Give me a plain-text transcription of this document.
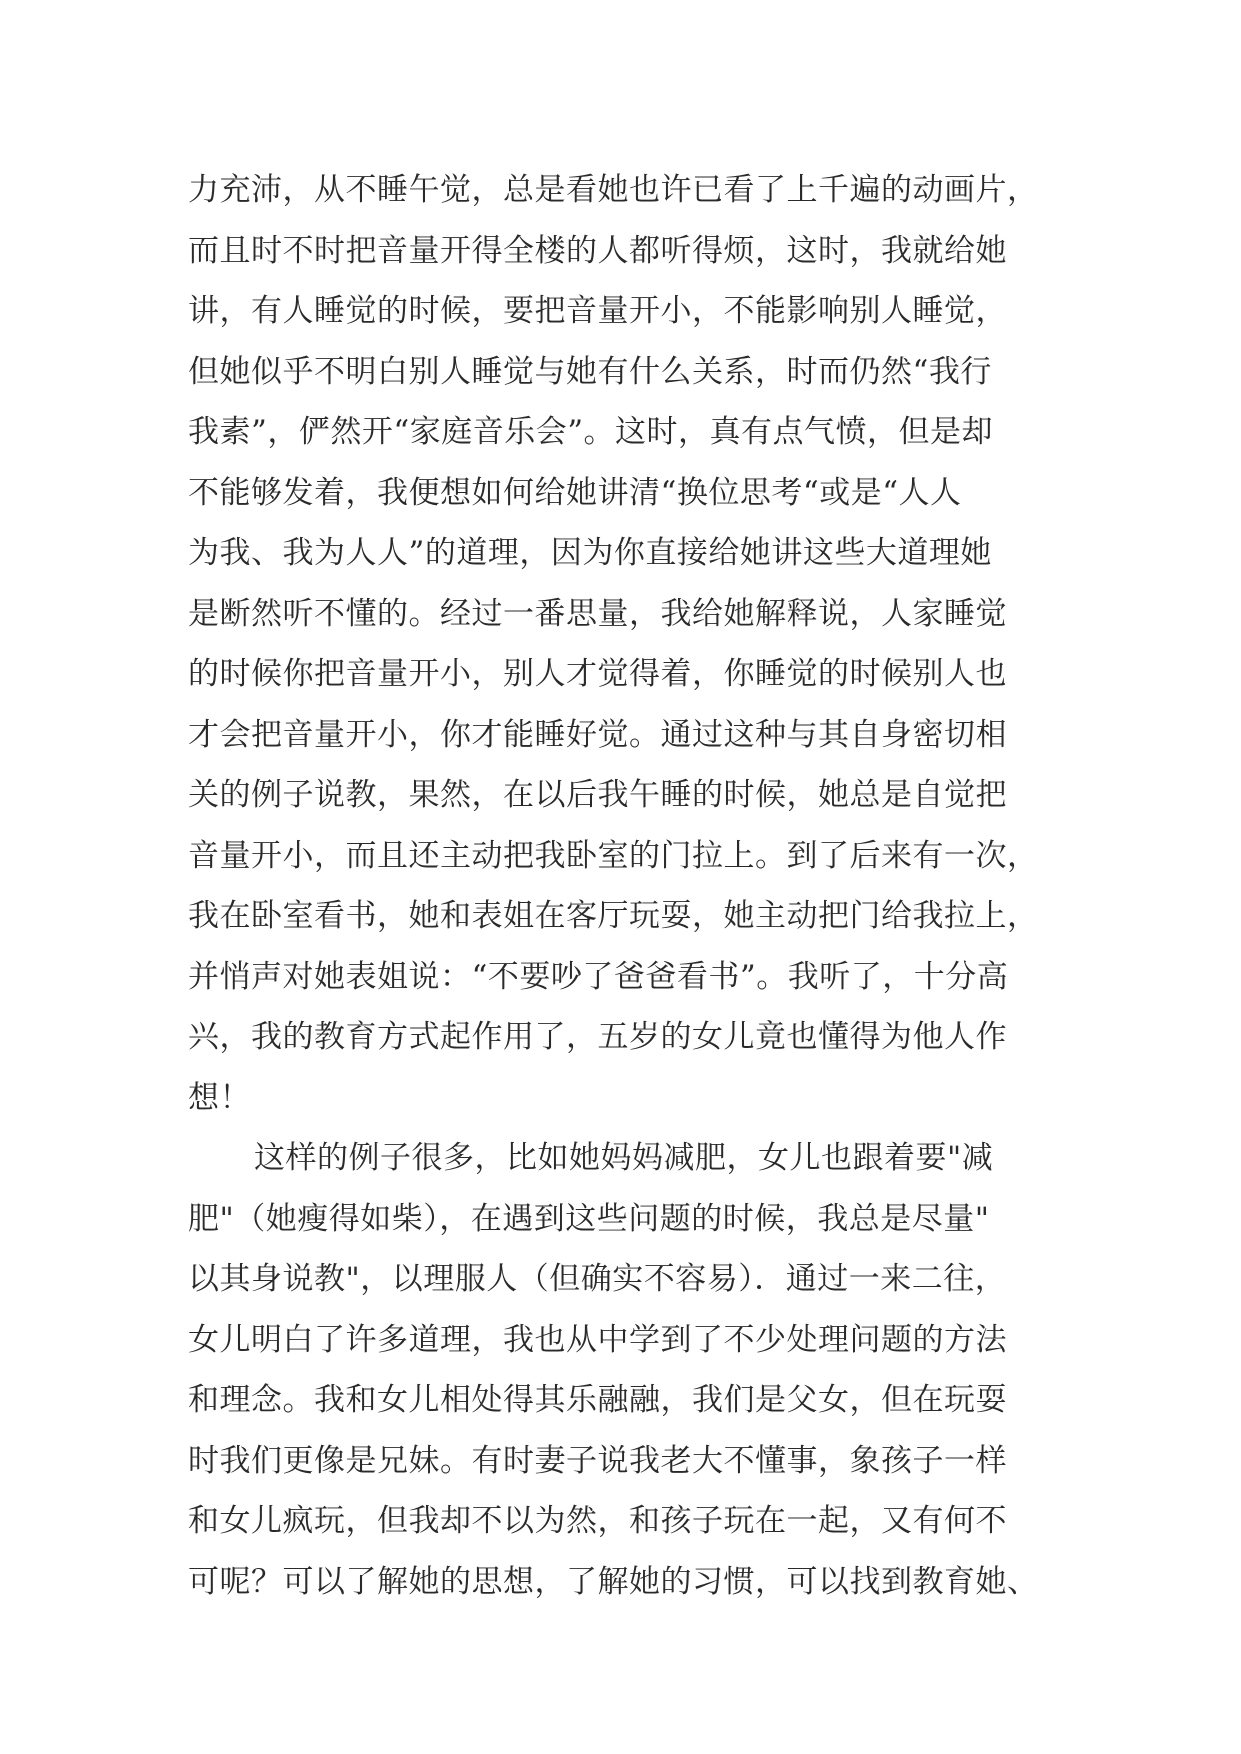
力充沛，从不睡午觉，总是看她也许已看了上千遍的动画片，
而且时不时把音量开得全楼的人都听得烦，这时，我就给她
讲，有人睡觉的时候，要把音量开小，不能影响别人睡觉，
但她似乎不明白别人睡觉与她有什么关系，时而仍然“我行
我素”，俨然开“家庭音乐会”。这时，真有点气愤，但是却
不能够发着，我便想如何给她讲清“换位思考“或是“人人
为我、我为人人”的道理，因为你直接给她讲这些大道理她
是断然听不懂的。经过一番思量，我给她解释说，人家睡觉
的时候你把音量开小，别人才觉得着，你睡觉的时候别人也
才会把音量开小，你才能睡好觉。通过这种与其自身密切相
关的例子说教，果然，在以后我午睡的时候，她总是自觉把
音量开小，而且还主动把我卧室的门拉上。到了后来有一次，
我在卧室看书，她和表姐在客厅玩耍，她主动把门给我拉上，
并悄声对她表姐说：“不要吵了爸爸看书”。我听了，十分高
兴，我的教育方式起作用了，五岁的女儿竟也懂得为他人作
想！
这样的例子很多，比如她妈妈减肥，女儿也跟着要"减
肥"（她瘦得如柴），在遇到这些问题的时候，我总是尽量"
以其身说教"，以理服人（但确实不容易）．通过一来二往，
女儿明白了许多道理，我也从中学到了不少处理问题的方法
和理念。我和女儿相处得其乐融融，我们是父女，但在玩耍
时我们更像是兄妹。有时妻子说我老大不懂事，象孩子一样
和女儿疯玩，但我却不以为然，和孩子玩在一起，又有何不
可呢？可以了解她的思想，了解她的习惯，可以找到教育她、
